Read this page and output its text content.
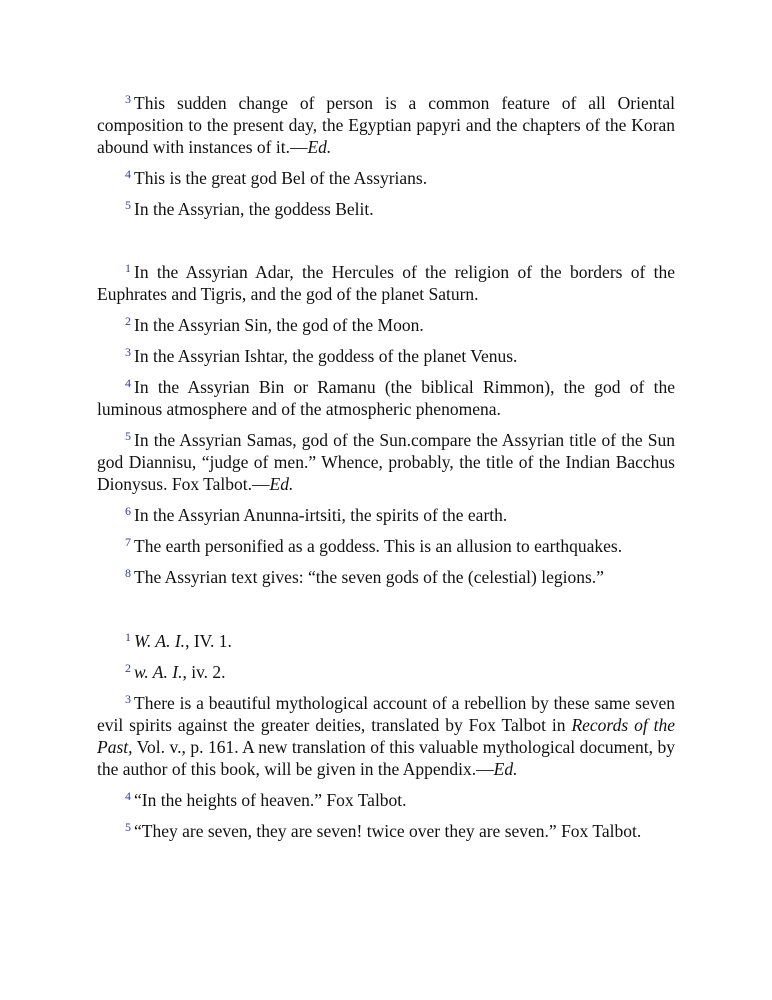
$^3$ This sudden change of person is a common feature of all Oriental composition to the present day, the Egyptian papyri and the chapters of the Koran abound with instances of it.—Ed.

$^4$ This is the great god Bel of the Assyrians.

$^5$ In the Assyrian, the goddess Belit.

$^1$ In the Assyrian Adar, the Hercules of the religion of the borders of the Euphrates and Tigris, and the god of the planet Saturn.

$^2$ In the Assyrian Sin, the god of the Moon.

$^3$ In the Assyrian Ishtar, the goddess of the planet Venus.

$^4$ In the Assyrian Bin or Ramanu (the biblical Rimmon), the god of the luminous atmosphere and of the atmospheric phenomena.

$^5$ In the Assyrian Samas, god of the Sun.compare the Assyrian title of the Sun god Diannisu, “judge of men.” Whence, probably, the title of the Indian Bacchus Dionysus. Fox Talbot.—Ed.

$^6$ In the Assyrian Anunna-irtsiti, the spirits of the earth.

$^7$ The earth personified as a goddess. This is an allusion to earthquakes.

$^8$ The Assyrian text gives: “the seven gods of the (celestial) legions.”

$^1$ W. A. I., IV. 1.

$^2$ w. A. I., iv. 2.

$^3$ There is a beautiful mythological account of a rebellion by these same seven evil spirits against the greater deities, translated by Fox Talbot in Records of the Past, Vol. v., p. 161. A new translation of this valuable mythological document, by the author of this book, will be given in the Appendix.—Ed.

$^4$ “In the heights of heaven.” Fox Talbot.

$^5$ “They are seven, they are seven! twice over they are seven.” Fox Talbot.
